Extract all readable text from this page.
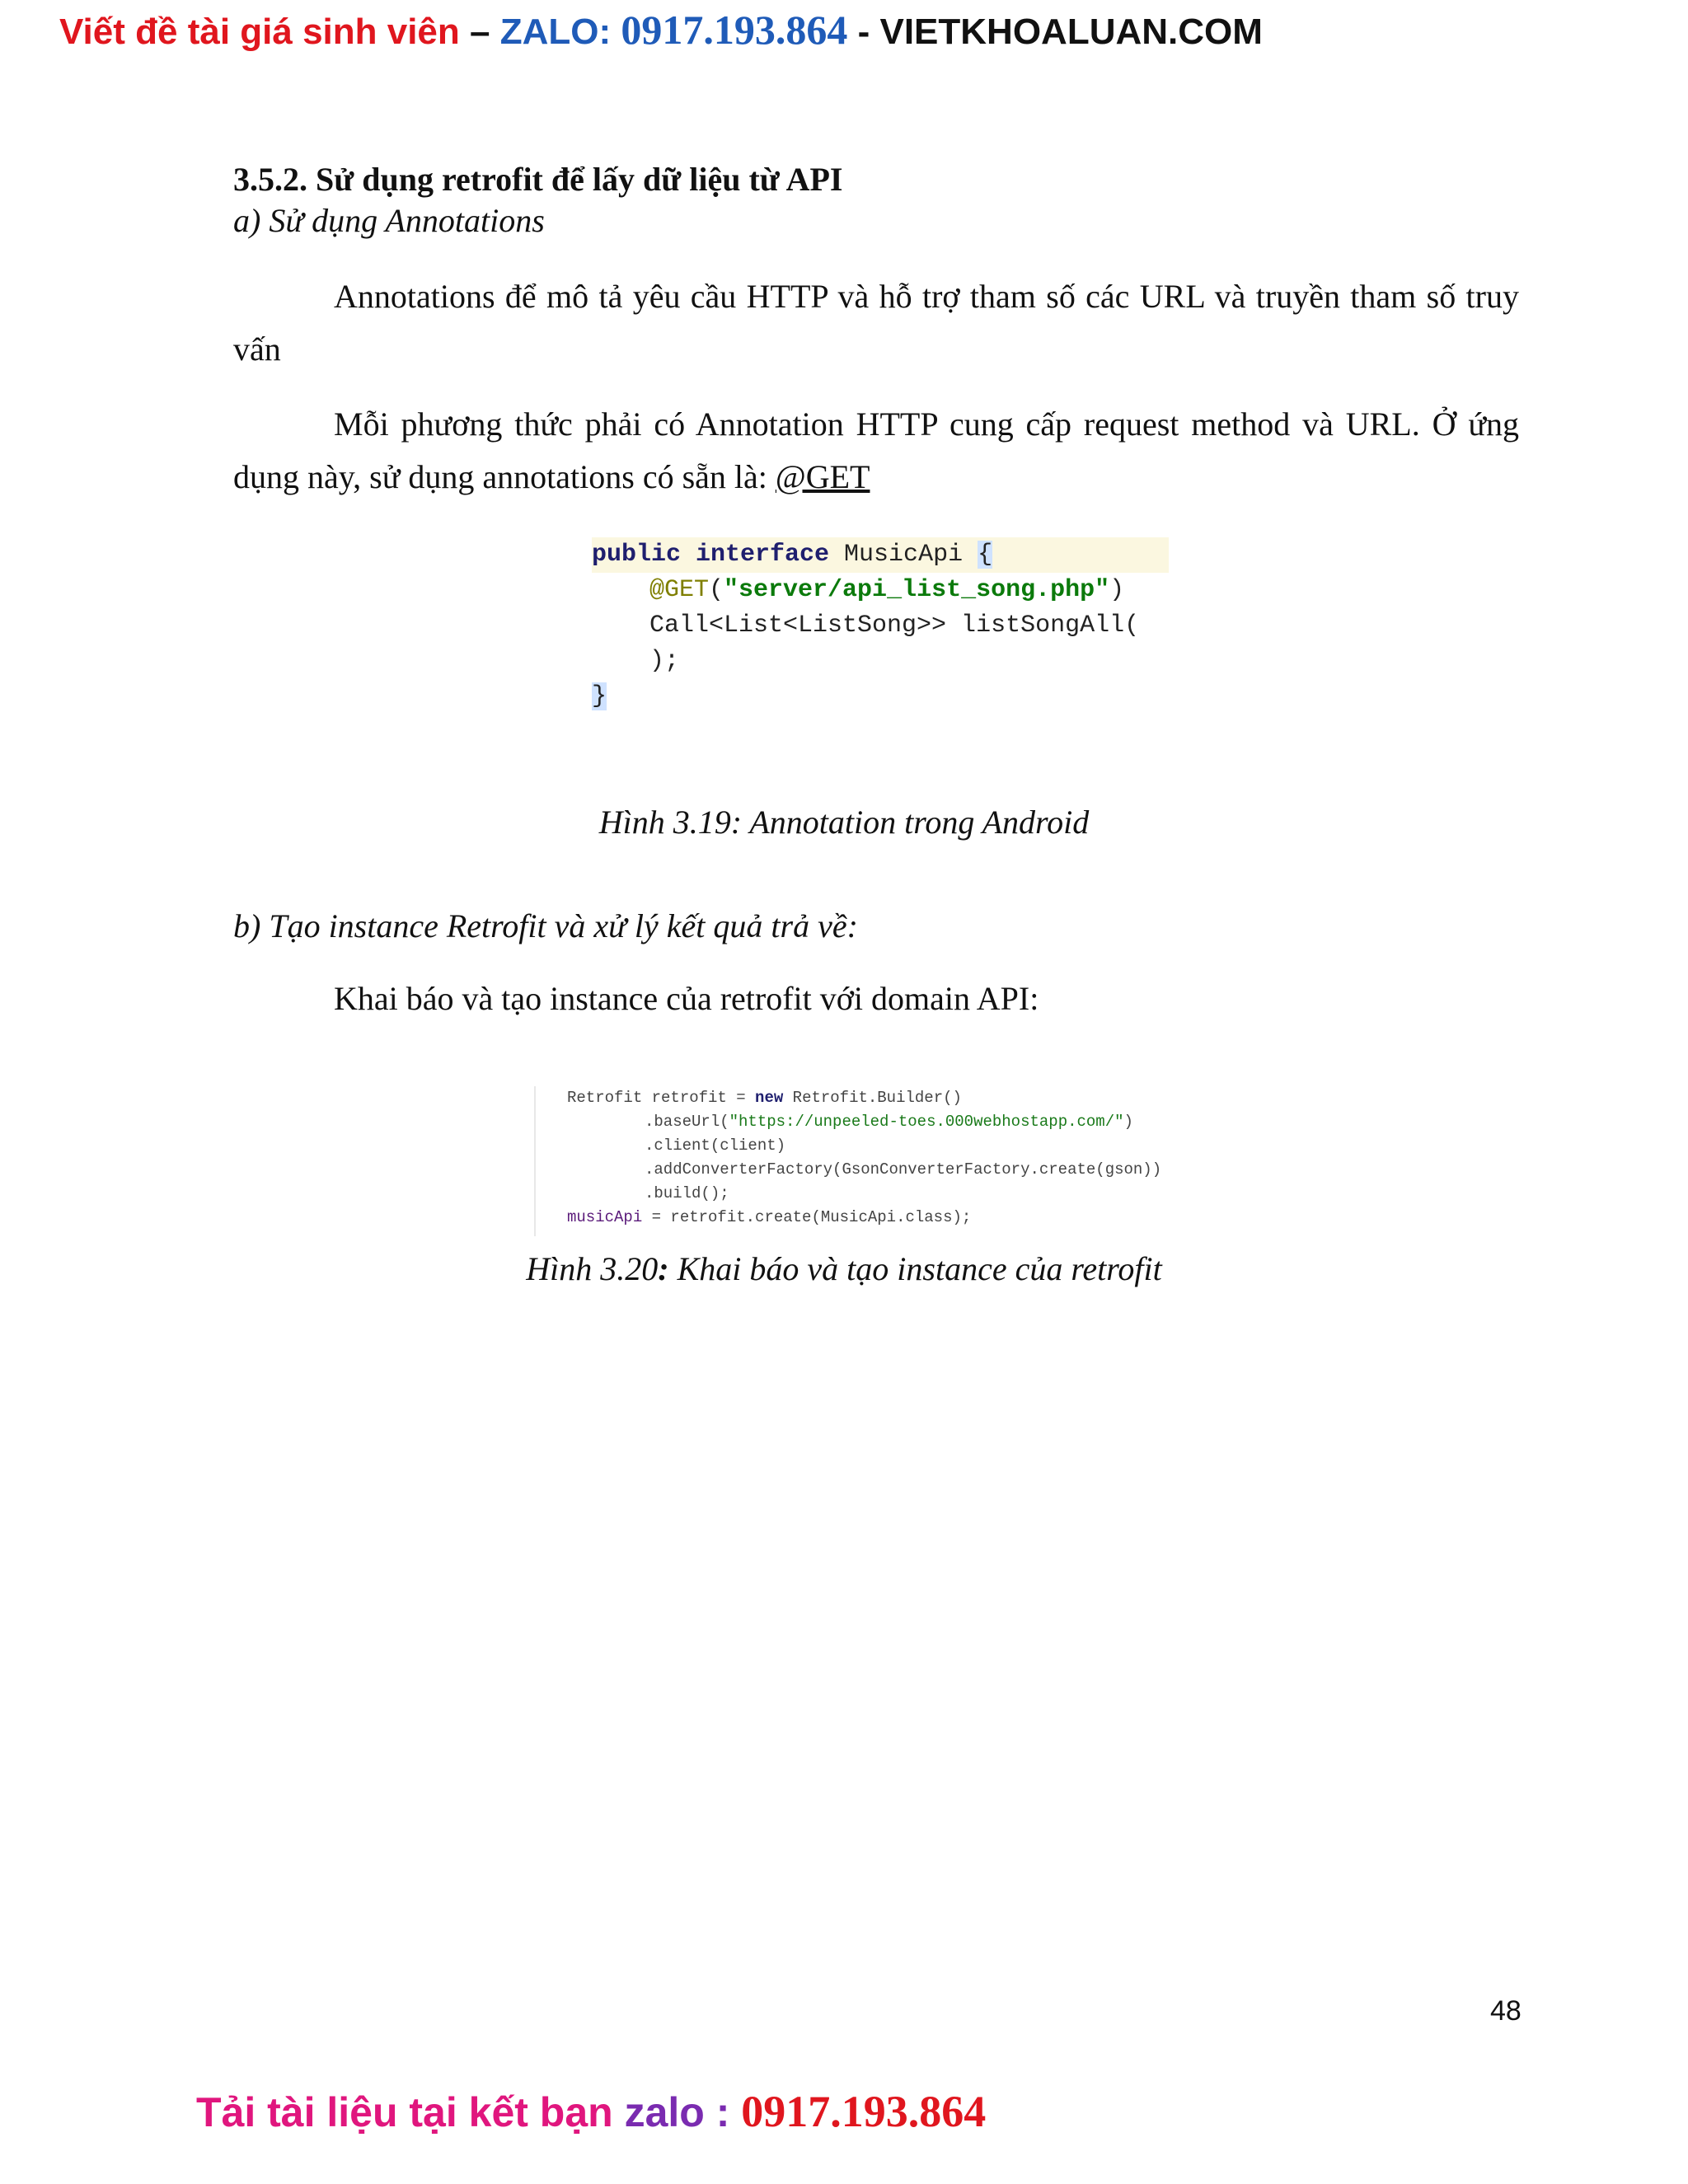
Viết đề tài giá sinh viên – ZALO: 0917.193.864 - VIETKHOALUAN.COM
3.5.2. Sử dụng retrofit để lấy dữ liệu từ API
a) Sử dụng Annotations
Annotations để mô tả yêu cầu HTTP và hỗ trợ tham số các URL và truyền tham số truy vấn
Mỗi phương thức phải có Annotation HTTP cung cấp request method và URL. Ở ứng dụng này, sử dụng annotations có sẵn là: @GET
public interface MusicApi {
@GET("server/api_list_song.php")
Call<List<ListSong>> listSongAll(
);
}
Hình 3.19: Annotation trong Android
b) Tạo instance Retrofit và xử lý kết quả trả về:
Khai báo và tạo instance của retrofit với domain API:
Retrofit retrofit = new Retrofit.Builder()
.baseUrl("https://unpeeled-toes.000webhostapp.com/")
.client(client)
.addConverterFactory(GsonConverterFactory.create(gson))
.build();
musicApi = retrofit.create(MusicApi.class);
Hình 3.20: Khai báo và tạo instance của retrofit
48
Tải tài liệu tại kết bạn zalo : 0917.193.864
